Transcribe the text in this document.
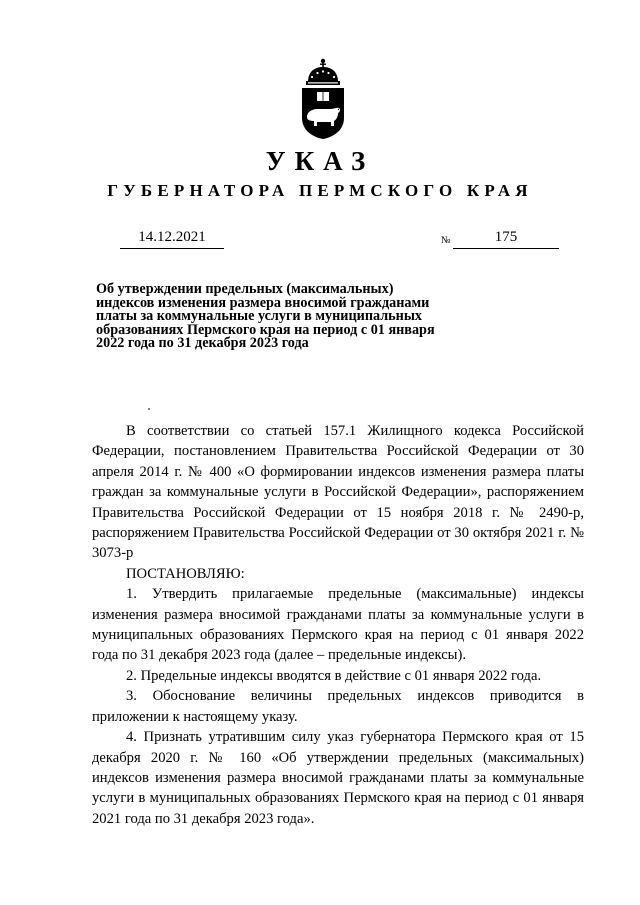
УКАЗ
ГУБЕРНАТОРА ПЕРМСКОГО КРАЯ
14.12.2021	№	175
Об утверждении предельных (максимальных) индексов изменения размера вносимой гражданами платы за коммунальные услуги в муниципальных образованиях Пермского края на период с 01 января 2022 года по 31 декабря 2023 года

В соответствии со статьей 157.1 Жилищного кодекса Российской Федерации, постановлением Правительства Российской Федерации от 30 апреля 2014 г. № 400 «О формировании индексов изменения размера платы граждан за коммунальные услуги в Российской Федерации», распоряжением Правительства Российской Федерации от 15 ноября 2018 г. № 2490-р, распоряжением Правительства Российской Федерации от 30 октября 2021 г. № 3073-р

ПОСТАНОВЛЯЮ:

1. Утвердить прилагаемые предельные (максимальные) индексы изменения размера вносимой гражданами платы за коммунальные услуги в муниципальных образованиях Пермского края на период с 01 января 2022 года по 31 декабря 2023 года (далее – предельные индексы).

2. Предельные индексы вводятся в действие с 01 января 2022 года.

3. Обоснование величины предельных индексов приводится в приложении к настоящему указу.

4. Признать утратившим силу указ губернатора Пермского края от 15 декабря 2020 г. № 160 «Об утверждении предельных (максимальных) индексов изменения размера вносимой гражданами платы за коммунальные услуги в муниципальных образованиях Пермского края на период с 01 января 2021 года по 31 декабря 2023 года».
